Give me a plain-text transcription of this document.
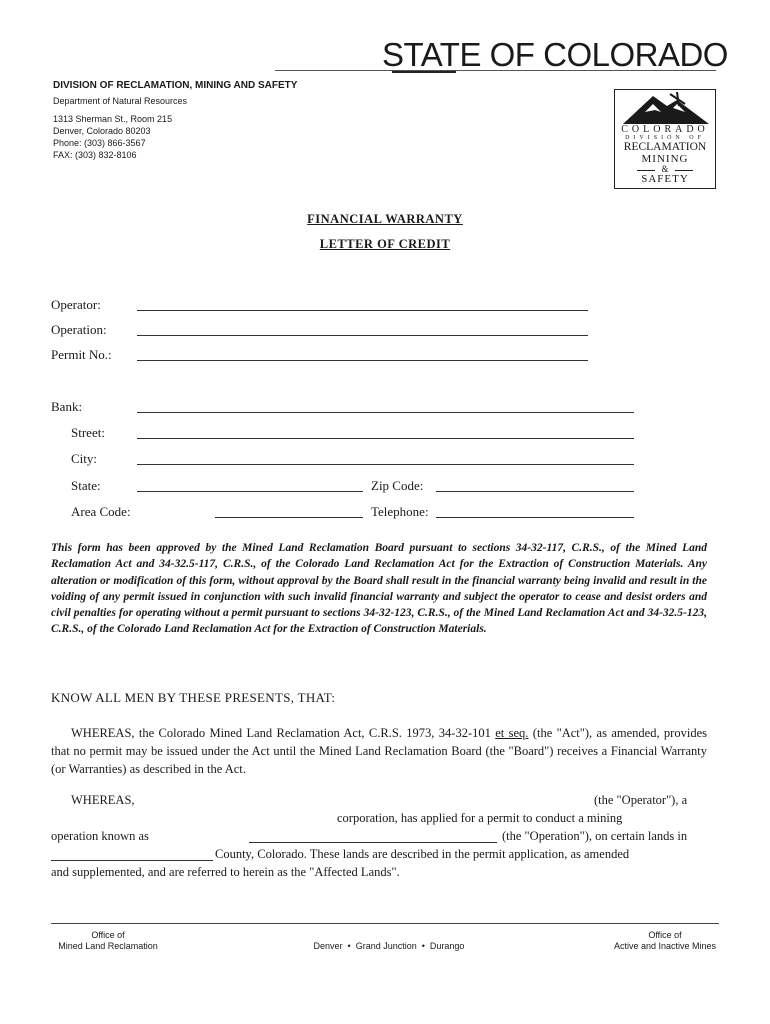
STATE OF COLORADO
DIVISION OF RECLAMATION, MINING AND SAFETY
Department of Natural Resources
1313 Sherman St., Room 215
Denver, Colorado 80203
Phone: (303) 866-3567
FAX: (303) 832-8106
COLORADO
DIVISION OF
RECLAMATION
MINING
&
SAFETY
FINANCIAL WARRANTY
LETTER OF CREDIT
Operator:
Operation:
Permit No.:
Bank:
Street:
City:
State:	Zip Code:
Area Code:	Telephone:
This form has been approved by the Mined Land Reclamation Board pursuant to sections 34-32-117, C.R.S., of the Mined Land Reclamation Act and 34-32.5-117, C.R.S., of the Colorado Land Reclamation Act for the Extraction of Construction Materials. Any alteration or modification of this form, without approval by the Board shall result in the financial warranty being invalid and result in the voiding of any permit issued in conjunction with such invalid financial warranty and subject the operator to cease and desist orders and civil penalties for operating without a permit pursuant to sections 34-32-123, C.R.S., of the Mined Land Reclamation Act and 34-32.5-123, C.R.S., of the Colorado Land Reclamation Act for the Extraction of Construction Materials.
KNOW ALL MEN BY THESE PRESENTS, THAT:
WHEREAS, the Colorado Mined Land Reclamation Act, C.R.S. 1973, 34-32-101 et seq. (the "Act"), as amended, provides that no permit may be issued under the Act until the Mined Land Reclamation Board (the "Board") receives a Financial Warranty (or Warranties) as described in the Act.
WHEREAS,	(the "Operator"), a
corporation, has applied for a permit to conduct a mining
operation known as	(the "Operation"), on certain lands in
County, Colorado. These lands are described in the permit application, as amended
and supplemented, and are referred to herein as the "Affected Lands".
Office of
Mined Land Reclamation	Denver  •  Grand Junction  •  Durango
Office of
Active and Inactive Mines
